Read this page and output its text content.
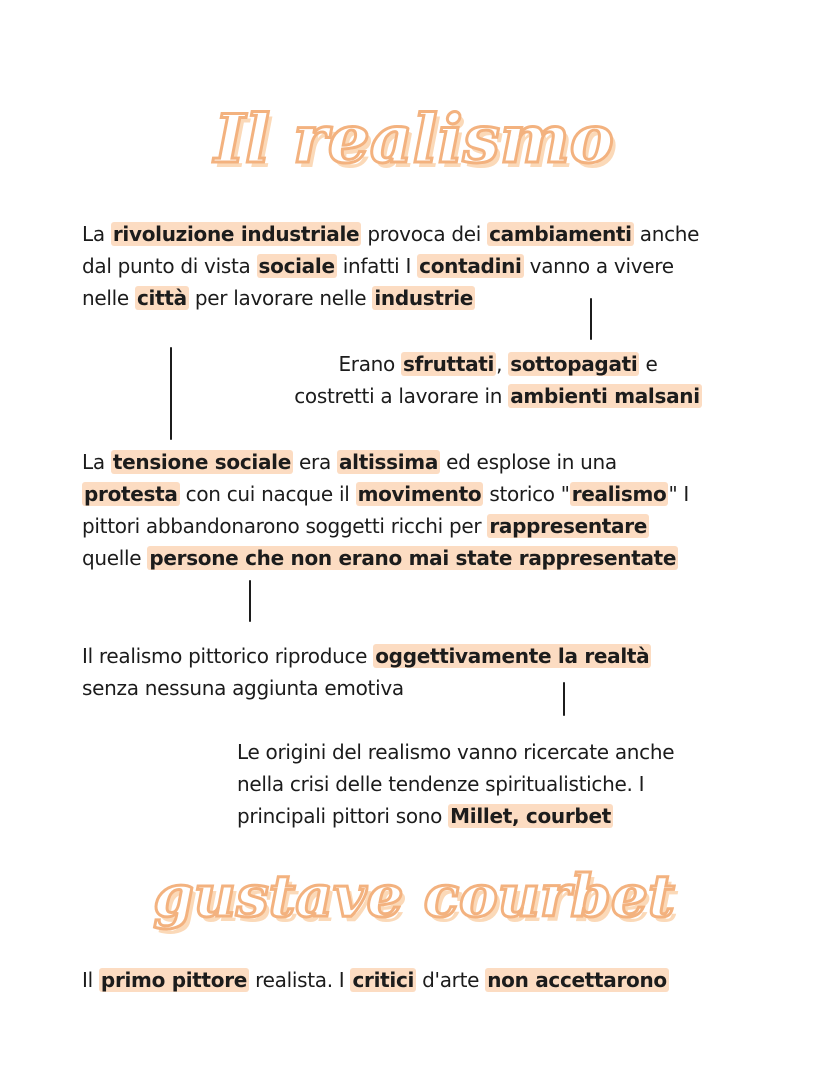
Il realismo

La rivoluzione industriale provoca dei cambiamenti anche
dal punto di vista sociale infatti I contadini vanno a vivere
nelle città per lavorare nelle industrie

Erano sfruttati , sottopagati e
costretti a lavorare in ambienti malsani

La tensione sociale era altissima ed esplose in una
protesta con cui nacque il movimento storico " realismo " I
pittori abbandonarono soggetti ricchi per rappresentare
quelle persone che non erano mai state rappresentate

Il realismo pittorico riproduce oggettivamente la realtà
senza nessuna aggiunta emotiva

Le origini del realismo vanno ricercate anche
nella crisi delle tendenze spiritualistiche. I
principali pittori sono Millet, courbet

gustave courbet

Il primo pittore realista. I critici d'arte non accettarono
